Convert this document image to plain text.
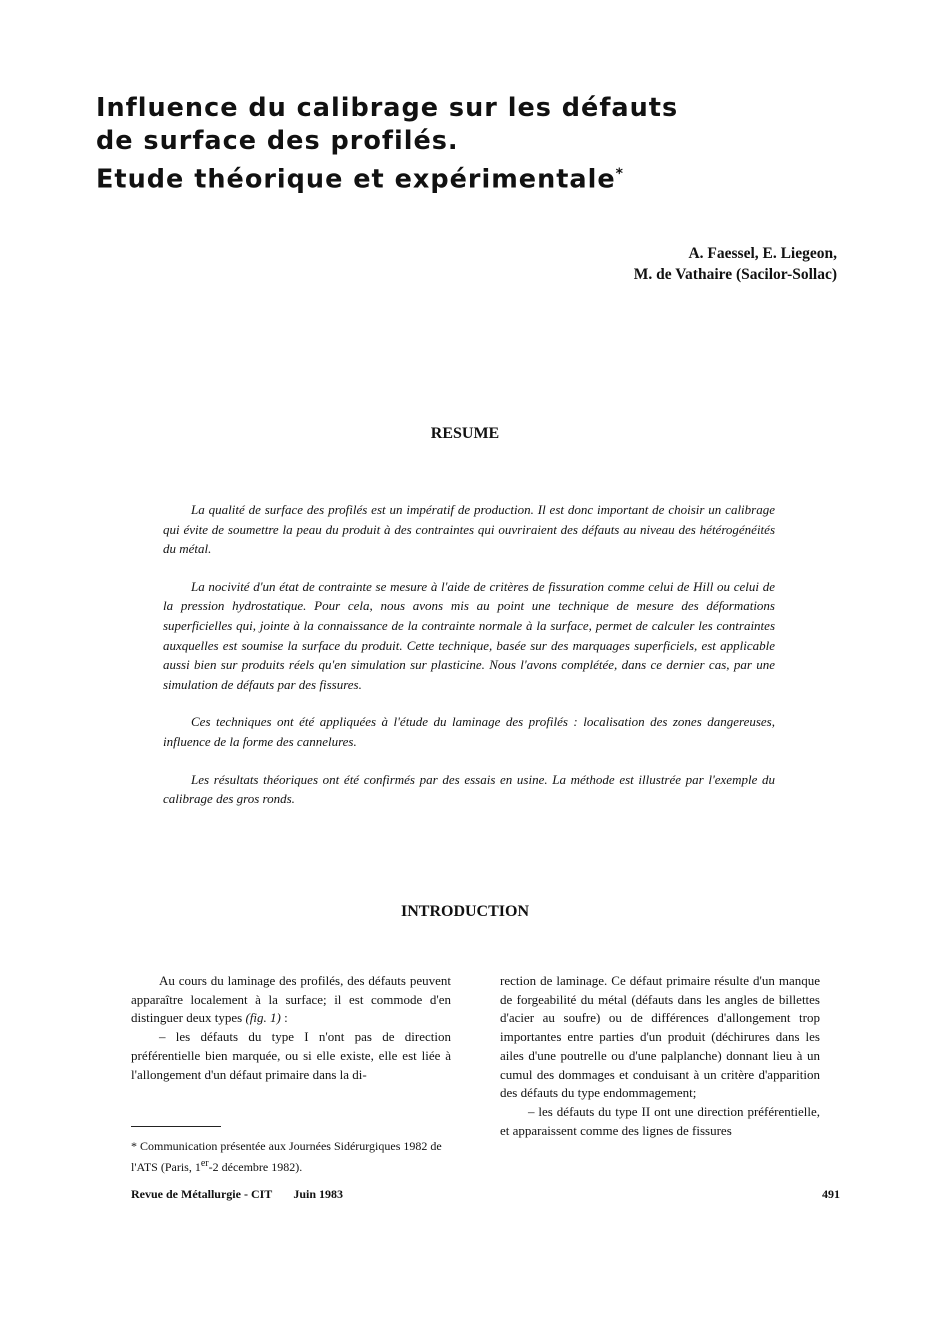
Influence du calibrage sur les défauts
de surface des profilés.
Etude théorique et expérimentale*
A. Faessel, E. Liegeon,
M. de Vathaire (Sacilor-Sollac)
RESUME

La qualité de surface des profilés est un impératif de production. Il est donc important de choisir un calibrage qui évite de soumettre la peau du produit à des contraintes qui ouvriraient des défauts au niveau des hétérogénéités du métal.

La nocivité d'un état de contrainte se mesure à l'aide de critères de fissuration comme celui de Hill ou celui de la pression hydrostatique. Pour cela, nous avons mis au point une technique de mesure des déformations superficielles qui, jointe à la connaissance de la contrainte normale à la surface, permet de calculer les contraintes auxquelles est soumise la surface du produit. Cette technique, basée sur des marquages superficiels, est applicable aussi bien sur produits réels qu'en simulation sur plasticine. Nous l'avons complétée, dans ce dernier cas, par une simulation de défauts par des fissures.

Ces techniques ont été appliquées à l'étude du laminage des profilés : localisation des zones dangereuses, influence de la forme des cannelures.

Les résultats théoriques ont été confirmés par des essais en usine. La méthode est illustrée par l'exemple du calibrage des gros ronds.

INTRODUCTION

Au cours du laminage des profilés, des défauts peuvent apparaître localement à la surface; il est commode d'en distinguer deux types (fig. 1) :

– les défauts du type I n'ont pas de direction préférentielle bien marquée, ou si elle existe, elle est liée à l'allongement d'un défaut primaire dans la di-

rection de laminage. Ce défaut primaire résulte d'un manque de forgeabilité du métal (défauts dans les angles de billettes d'acier au soufre) ou de différences d'allongement trop importantes entre parties d'un produit (déchirures dans les ailes d'une poutrelle ou d'une palplanche) donnant lieu à un cumul des dommages et conduisant à un critère d'apparition des défauts du type endommagement;

– les défauts du type II ont une direction préférentielle, et apparaissent comme des lignes de fissures

* Communication présentée aux Journées Sidérurgiques 1982 de l'ATS (Paris, 1er-2 décembre 1982).
Revue de Métallurgie - CIT Juin 1983	491
